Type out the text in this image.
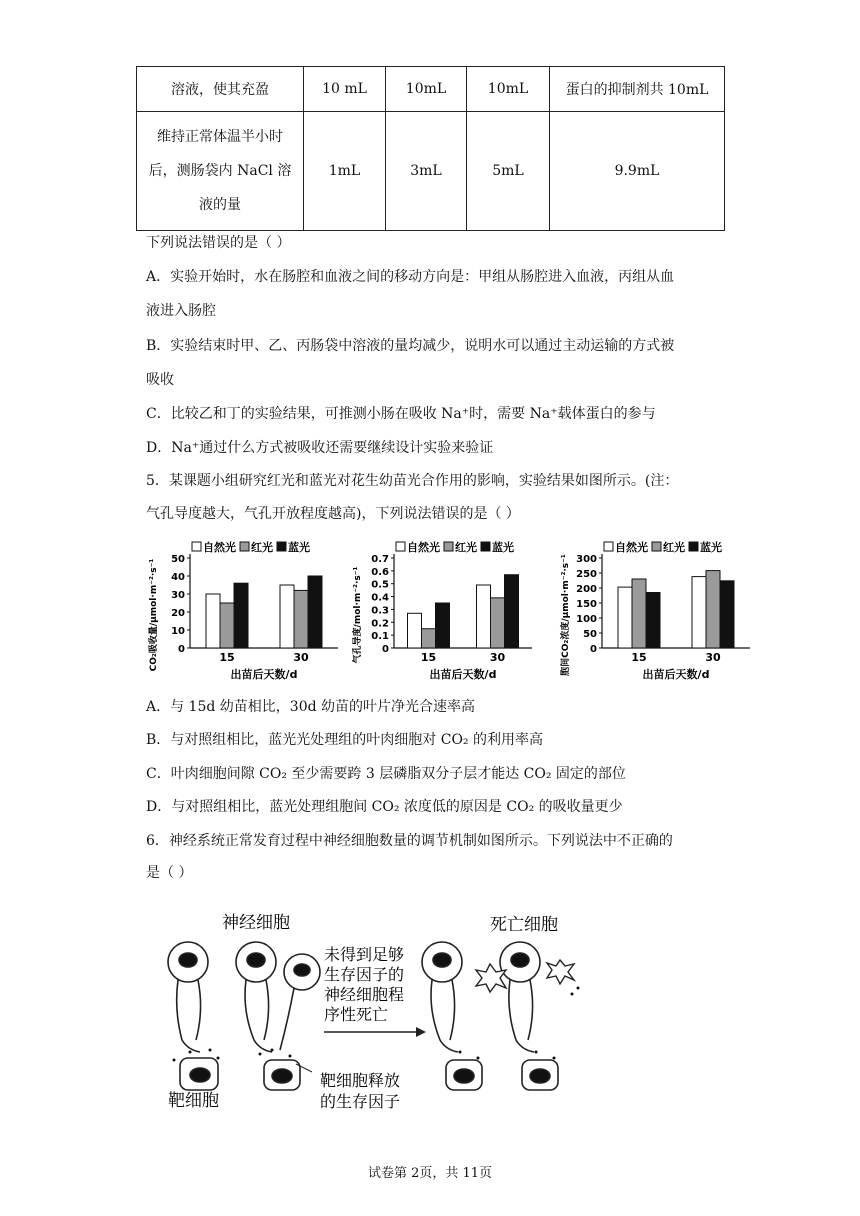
溶液，使其充盈	10 mL	10mL	10mL	蛋白的抑制剂共 10mL

维持正常体温半小时
后，测肠袋内 NaCl 溶
液的量	1mL	3mL	5mL	9.9mL
下列说法错误的是（ ）
A．实验开始时，水在肠腔和血液之间的移动方向是：甲组从肠腔进入血液，丙组从血
液进入肠腔
B．实验结束时甲、乙、丙肠袋中溶液的量均减少，说明水可以通过主动运输的方式被
吸收
C．比较乙和丁的实验结果，可推测小肠在吸收 Na⁺时，需要 Na⁺载体蛋白的参与
D．Na⁺通过什么方式被吸收还需要继续设计实验来验证
5．某课题小组研究红光和蓝光对花生幼苗光合作用的影响，实验结果如图所示。(注：
气孔导度越大，气孔开放程度越高)，下列说法错误的是（ ）
自然光 红光 蓝光
0
10
20
30
40
50
15	30
出苗后天数/d
CO₂吸收量/μmol·m⁻²·s⁻¹
自然光 红光 蓝光
0
0.1
0.2
0.3
0.4
0.5
0.6
0.7
15	30
出苗后天数/d
气孔导度/mol·m⁻²·s⁻¹
自然光 红光 蓝光
0
50
100
150
200
250
300
15	30
出苗后天数/d
胞间CO₂浓度/μmol·m⁻²·s⁻¹
A．与 15d 幼苗相比，30d 幼苗的叶片净光合速率高
B．与对照组相比，蓝光光处理组的叶肉细胞对 CO₂ 的利用率高
C．叶肉细胞间隙 CO₂ 至少需要跨 3 层磷脂双分子层才能达 CO₂ 固定的部位
D．与对照组相比，蓝光处理组胞间 CO₂ 浓度低的原因是 CO₂ 的吸收量更少
6．神经系统正常发育过程中神经细胞数量的调节机制如图所示。下列说法中不正确的
是（ ）
神经细胞
靶细胞
靶细胞释放
的生存因子
未得到足够
生存因子的
神经细胞程
序性死亡
死亡细胞
试卷第 2页，共 11页
